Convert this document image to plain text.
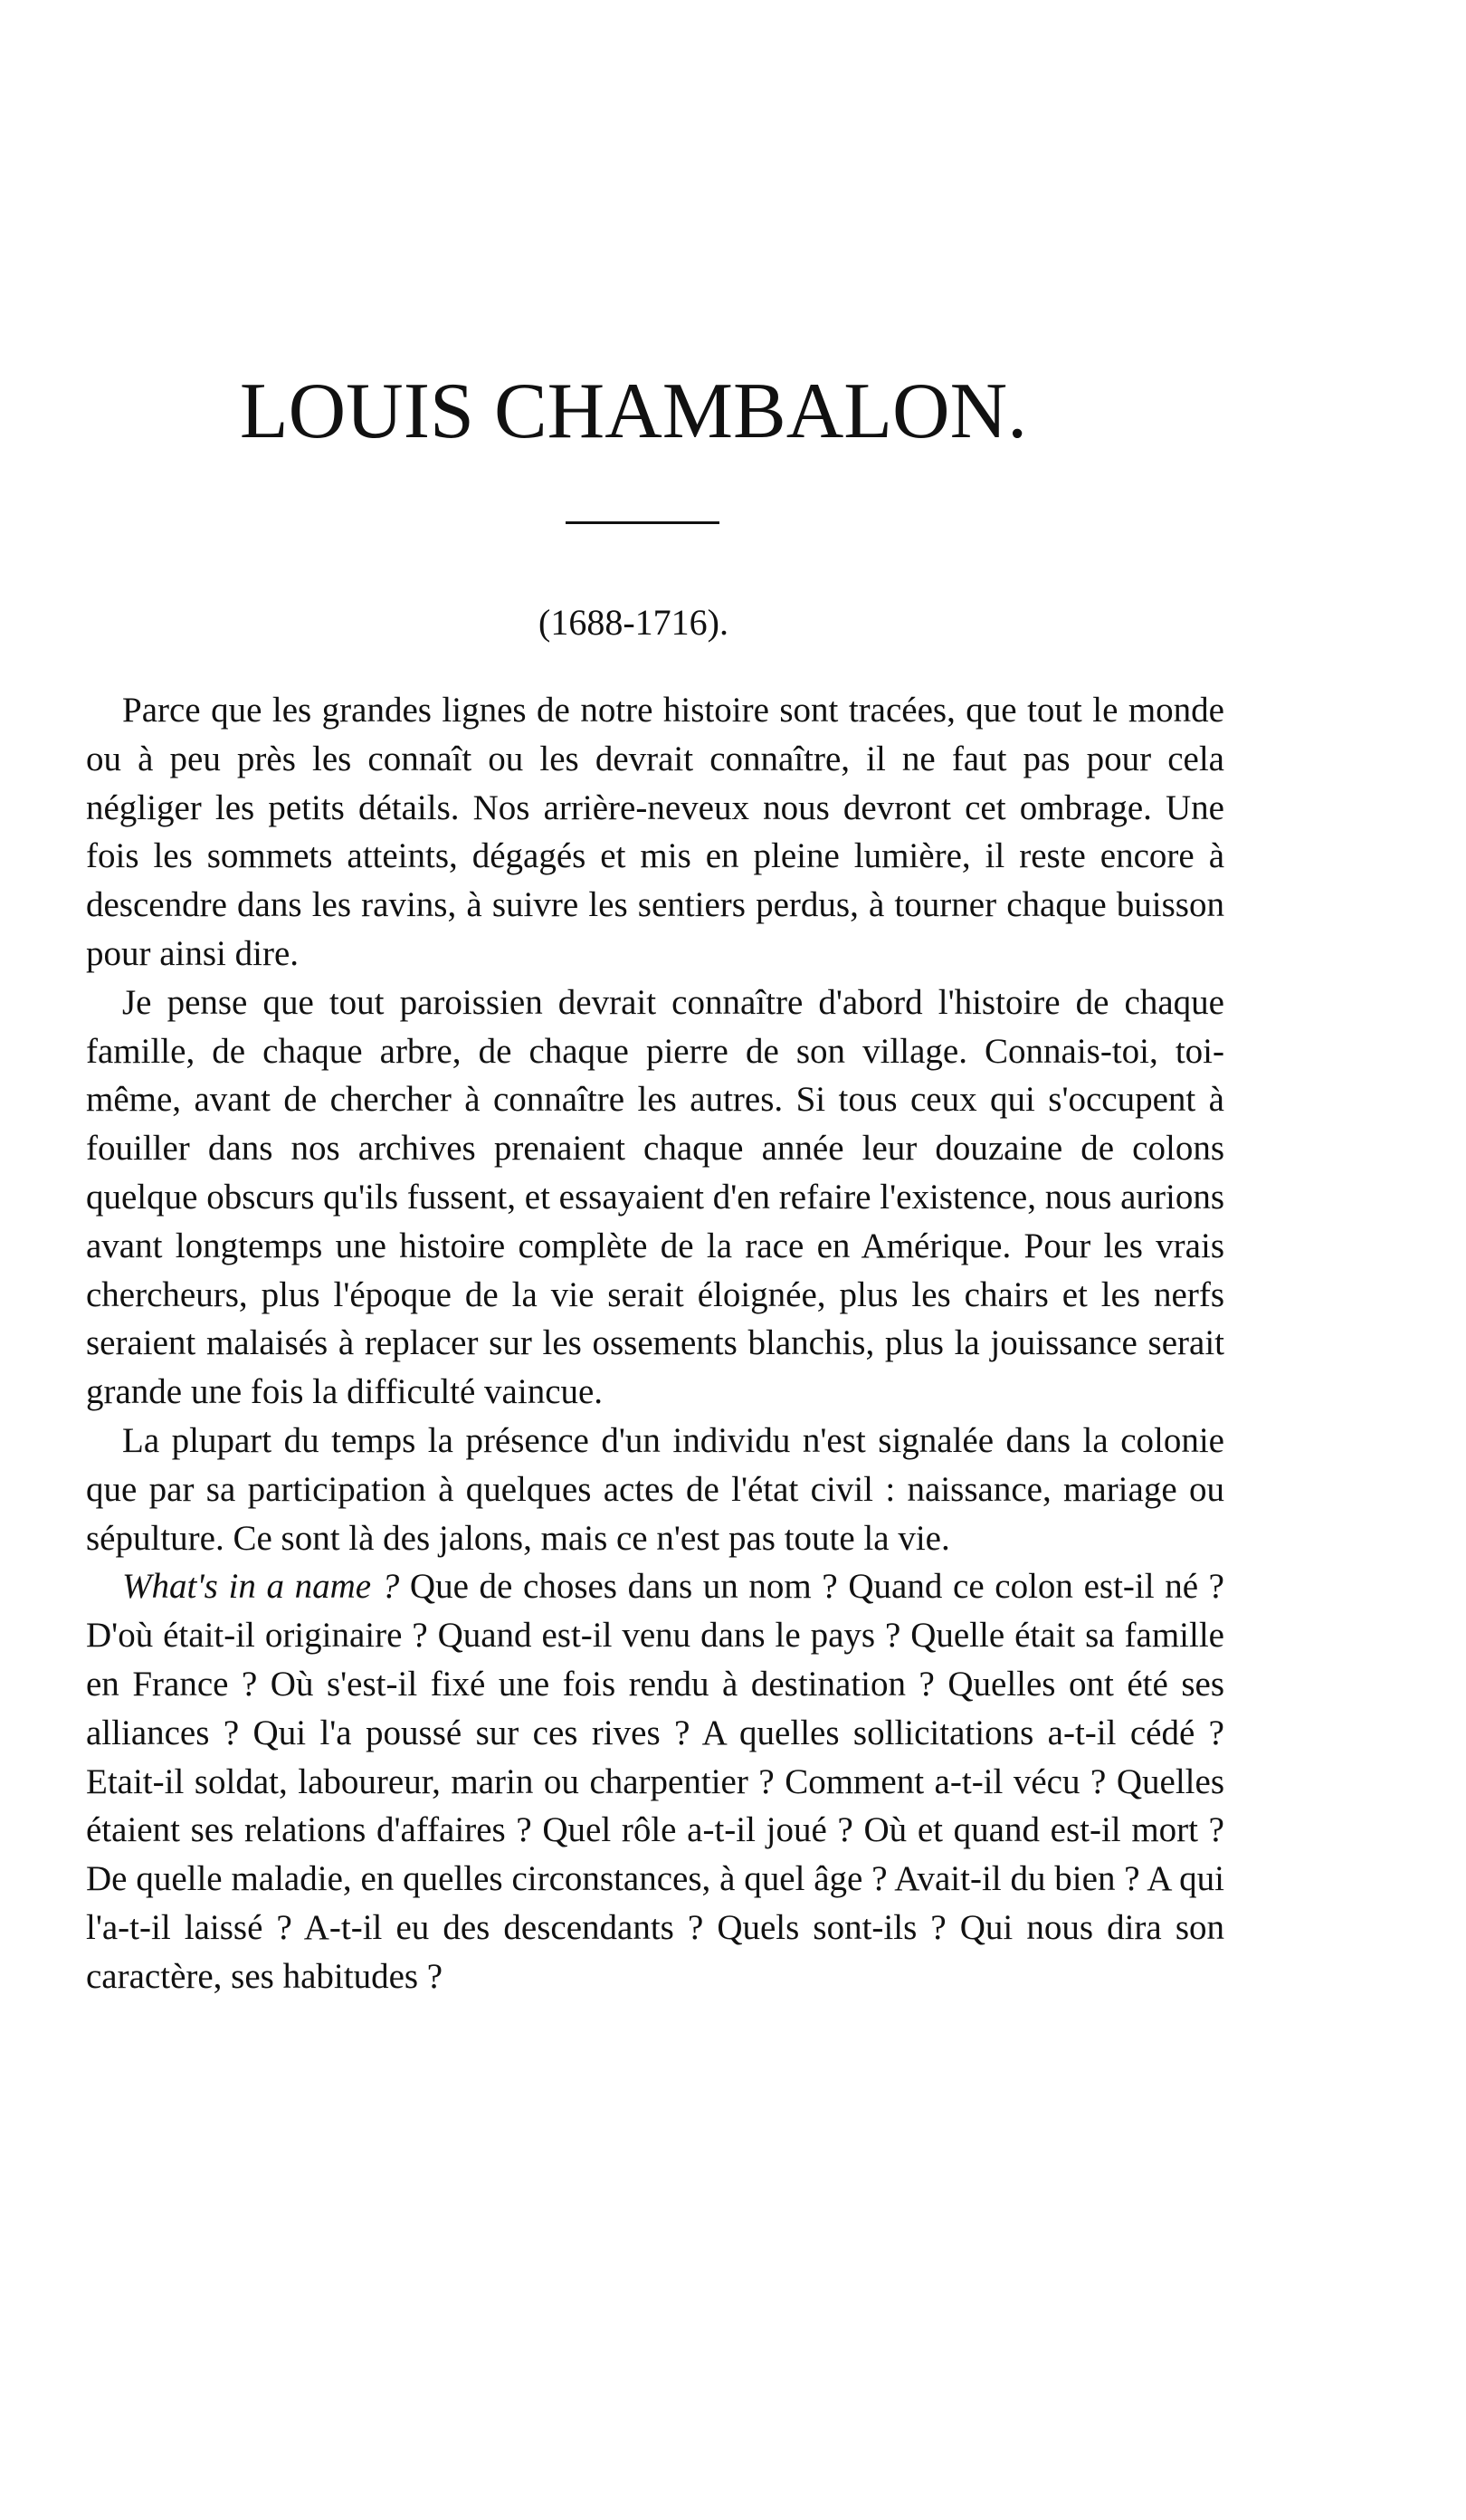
LOUIS CHAMBALON.
(1688-1716).

Parce que les grandes lignes de notre histoire sont tracées, que tout le monde ou à peu près les connaît ou les devrait connaître, il ne faut pas pour cela négliger les petits détails. Nos arrière-neveux nous devront cet ombrage. Une fois les sommets atteints, dégagés et mis en pleine lumière, il reste encore à descendre dans les ravins, à suivre les sentiers perdus, à tourner chaque buisson pour ainsi dire.

Je pense que tout paroissien devrait connaître d'abord l'histoire de chaque famille, de chaque arbre, de chaque pierre de son village. Connais-toi, toi-même, avant de chercher à connaître les autres. Si tous ceux qui s'occupent à fouiller dans nos archives prenaient chaque année leur douzaine de colons quelque obscurs qu'ils fussent, et essayaient d'en refaire l'existence, nous aurions avant longtemps une histoire complète de la race en Amérique. Pour les vrais chercheurs, plus l'époque de la vie serait éloignée, plus les chairs et les nerfs seraient malaisés à replacer sur les ossements blanchis, plus la jouissance serait grande une fois la difficulté vaincue.

La plupart du temps la présence d'un individu n'est signalée dans la colonie que par sa participation à quelques actes de l'état civil : naissance, mariage ou sépulture. Ce sont là des jalons, mais ce n'est pas toute la vie.

What's in a name ? Que de choses dans un nom ? Quand ce colon est-il né ? D'où était-il originaire ? Quand est-il venu dans le pays ? Quelle était sa famille en France ? Où s'est-il fixé une fois rendu à destination ? Quelles ont été ses alliances ? Qui l'a poussé sur ces rives ? A quelles sollicitations a-t-il cédé ? Etait-il soldat, laboureur, marin ou charpentier ? Comment a-t-il vécu ? Quelles étaient ses relations d'affaires ? Quel rôle a-t-il joué ? Où et quand est-il mort ? De quelle maladie, en quelles circonstances, à quel âge ? Avait-il du bien ? A qui l'a-t-il laissé ? A-t-il eu des descendants ? Quels sont-ils ? Qui nous dira son caractère, ses habitudes ?
